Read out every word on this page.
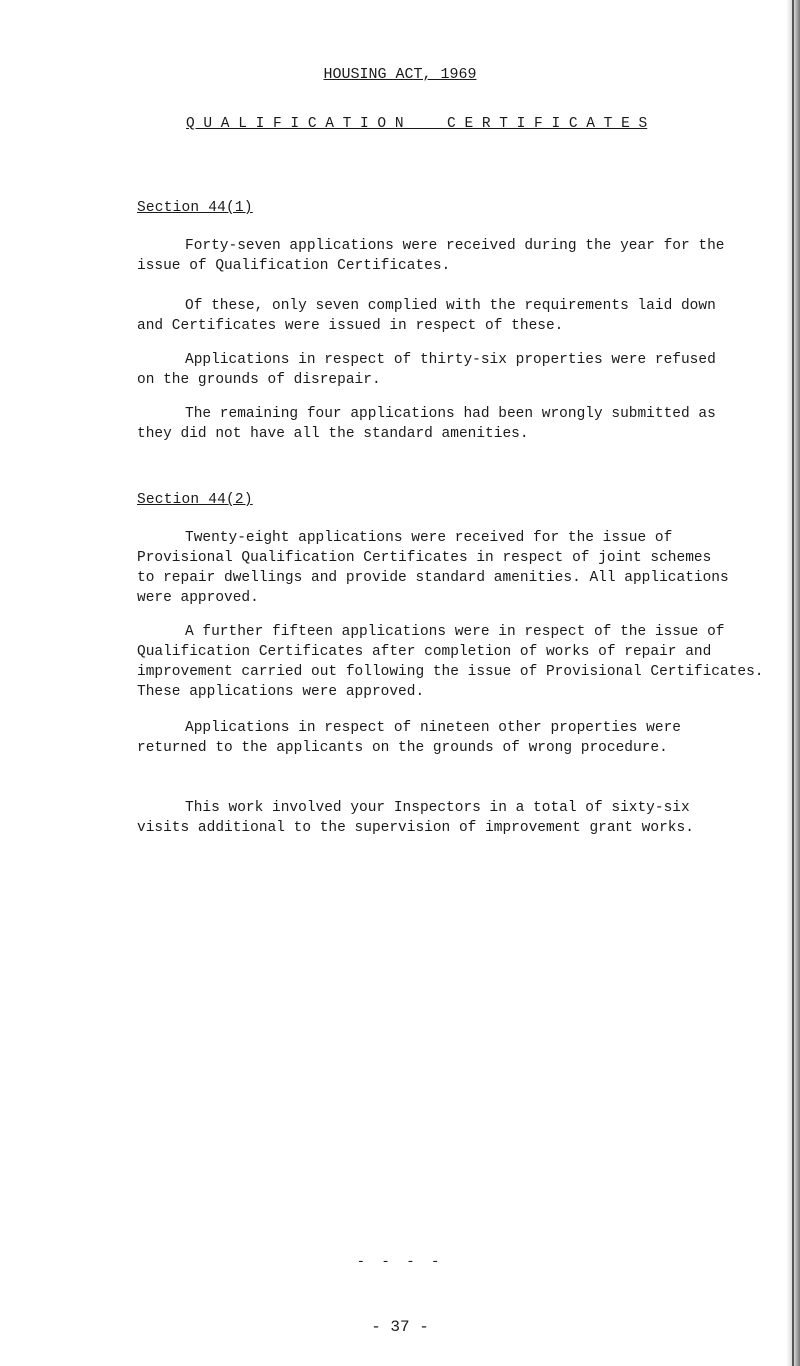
HOUSING ACT, 1969
Q U A L I F I C A T I O N     C E R T I F I C A T E S
Section 44(1)

Forty-seven applications were received during the year for the
issue of Qualification Certificates.

Of these, only seven complied with the requirements laid down
and Certificates were issued in respect of these.

Applications in respect of thirty-six properties were refused
on the grounds of disrepair.

The remaining four applications had been wrongly submitted as
they did not have all the standard amenities.

Section 44(2)

Twenty-eight applications were received for the issue of
Provisional Qualification Certificates in respect of joint schemes
to repair dwellings and provide standard amenities. All applications
were approved.

A further fifteen applications were in respect of the issue of
Qualification Certificates after completion of works of repair and
improvement carried out following the issue of Provisional Certificates.
These applications were approved.

Applications in respect of nineteen other properties were
returned to the applicants on the grounds of wrong procedure.

This work involved your Inspectors in a total of sixty-six
visits additional to the supervision of improvement grant works.

- - - -
- 37 -
